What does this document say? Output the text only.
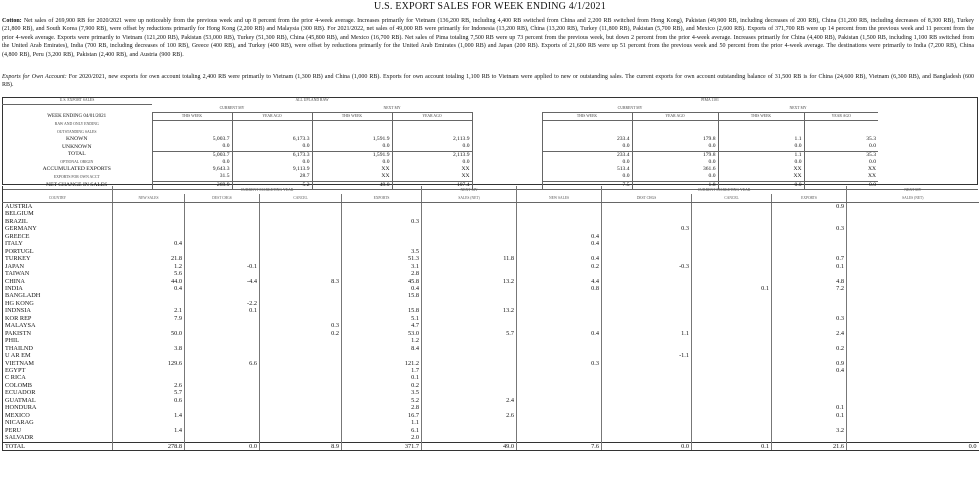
U.S. EXPORT SALES FOR WEEK ENDING 4/1/2021
Cotton: Net sales of 269,900 RB for 2020/2021 were up noticeably from the previous week and up 8 percent from the prior 4-week average. Increases primarily for Vietnam (136,200 RB, including 4,400 RB switched from China and 2,200 RB switched from Hong Kong), Pakistan (49,900 RB, including decreases of 200 RB), China (31,200 RB, including decreases of 8,300 RB), Turkey (21,800 RB), and South Korea (7,900 RB), were offset by reductions primarily for Hong Kong (2,200 RB) and Malaysia (300 RB). For 2021/2022, net sales of 49,000 RB were primarily for Indonesia (13,200 RB), China (13,200 RB), Turkey (11,800 RB), Pakistan (5,700 RB), and Mexico (2,600 RB). Exports of 371,700 RB were up 14 percent from the previous week and 11 percent from the prior 4-week average. Exports were primarily to Vietnam (121,200 RB), Pakistan (53,000 RB), Turkey (51,300 RB), China (45,800 RB), and Mexico (16,700 RB). Net sales of Pima totaling 7,500 RB were up 73 percent from the previous week, but down 2 percent from the prior 4-week average. Increases primarily for China (4,400 RB), Pakistan (1,500 RB, including 1,100 RB switched from the United Arab Emirates), India (700 RB, including decreases of 100 RB), Greece (400 RB), and Turkey (400 RB), were offset by reductions primarily for the United Arab Emirates (1,000 RB) and Japan (200 RB). Exports of 21,600 RB were up 51 percent from the previous week and 50 percent from the prior 4-week average. The destinations were primarily to India (7,200 RB), China (4,800 RB), Peru (3,200 RB), Pakistan (2,400 RB), and Austria (900 RB).
Exports for Own Account: For 2020/2021, new exports for own account totaling 2,400 RB were primarily to Vietnam (1,300 RB) and China (1,000 RB). Exports for own account totaling 1,100 RB to Vietnam were applied to new or outstanding sales. The current exports for own account outstanding balance of 31,500 RB is for China (24,600 RB), Vietnam (6,300 RB), and Bangladesh (600 RB).
U.S. EXPORT SALES	ALL UPLAND RAW					PIMA 1101				
	CURRENT MY		NEXT MY			CURRENT MY		NEXT MY		
WEEK ENDING 04/01/2021	THIS WEEK	YEAR AGO	THIS WEEK	YEAR AGO		THIS WEEK	YEAR AGO	THIS WEEK	YEAR AGO	
RAW AND ONLY ENDING										
OUTSTANDING SALES										
KNOWN	5,003.7	6,173.3	1,591.9	2,113.9		233.4	179.8	1.1	35.3	
UNKNOWN	0.0	0.0	0.0	0.0		0.0	0.0	0.0	0.0	
TOTAL	5,003.7	6,173.3	1,591.9	2,113.9		233.4	179.8	1.1	35.3	
OPTIONAL ORIGIN	0.0	0.0	0.0	0.0		0.0	0.0	0.0	0.0	
ACCUMULATED EXPORTS	9,643.3	9,113.9	XX	XX		513.4	361.6	XX	XX	
EXPORTS FOR OWN ACCT	31.5	28.7	XX	XX		0.0	0.0	XX	XX	
NET CHANGE IN SALES	269.9	-5.2	49.0	107.4		7.5	1.8	0.0	0.0	
	CURRENT MARKETING YEAR				NEXT MY		CURRENT MARKETING YEAR			NEXT MY
COUNTRY	NEW SALES	DEST CHGS	CANCEL	EXPORTS	SALES (NET)	NEW SALES	DEST CHGS	CANCEL	EXPORTS	SALES (NET)
AUSTRIA									0.9	
BELGIUM										
BRAZIL				0.3						
GERMANY							0.3		0.3	
GREECE						0.4				
ITALY	0.4					0.4				
PORTUGL				3.5						
TURKEY	21.8			51.3	11.8	0.4			0.7	
JAPAN	1.2	-0.1		3.1		0.2	-0.3		0.1	
TAIWAN	5.6			2.8						
CHINA	44.0	-4.4	8.3	45.8	13.2	4.4			4.8	
INDIA	0.4			0.4		0.8		0.1	7.2	
BANGLADH				15.8						
HG KONG		-2.2								
INDNSIA	2.1	0.1		15.8	13.2					
KOR REP	7.9			5.1					0.3	
MALAYSA			0.3	4.7						
PAKISTN	50.0		0.2	53.0	5.7	0.4	1.1		2.4	
PHIL				1.2						
THAILND	3.8			8.4					0.2	
U AR EM							-1.1			
VIETNAM	129.6	6.6		121.2		0.3			0.9	
EGYPT				1.7					0.4	
C RICA				0.1						
COLOMB	2.6			0.2						
ECUADOR	5.7			3.5						
GUATMAL	0.6			5.2	2.4					
HONDURA				2.8					0.1	
MEXICO	1.4			16.7	2.6				0.1	
NICARAG				1.1						
PERU	1.4			6.1					3.2	
SALVADR				2.0						
TOTAL	278.8	0.0	8.9	371.7	49.0	7.6	0.0	0.1	21.6	0.0
